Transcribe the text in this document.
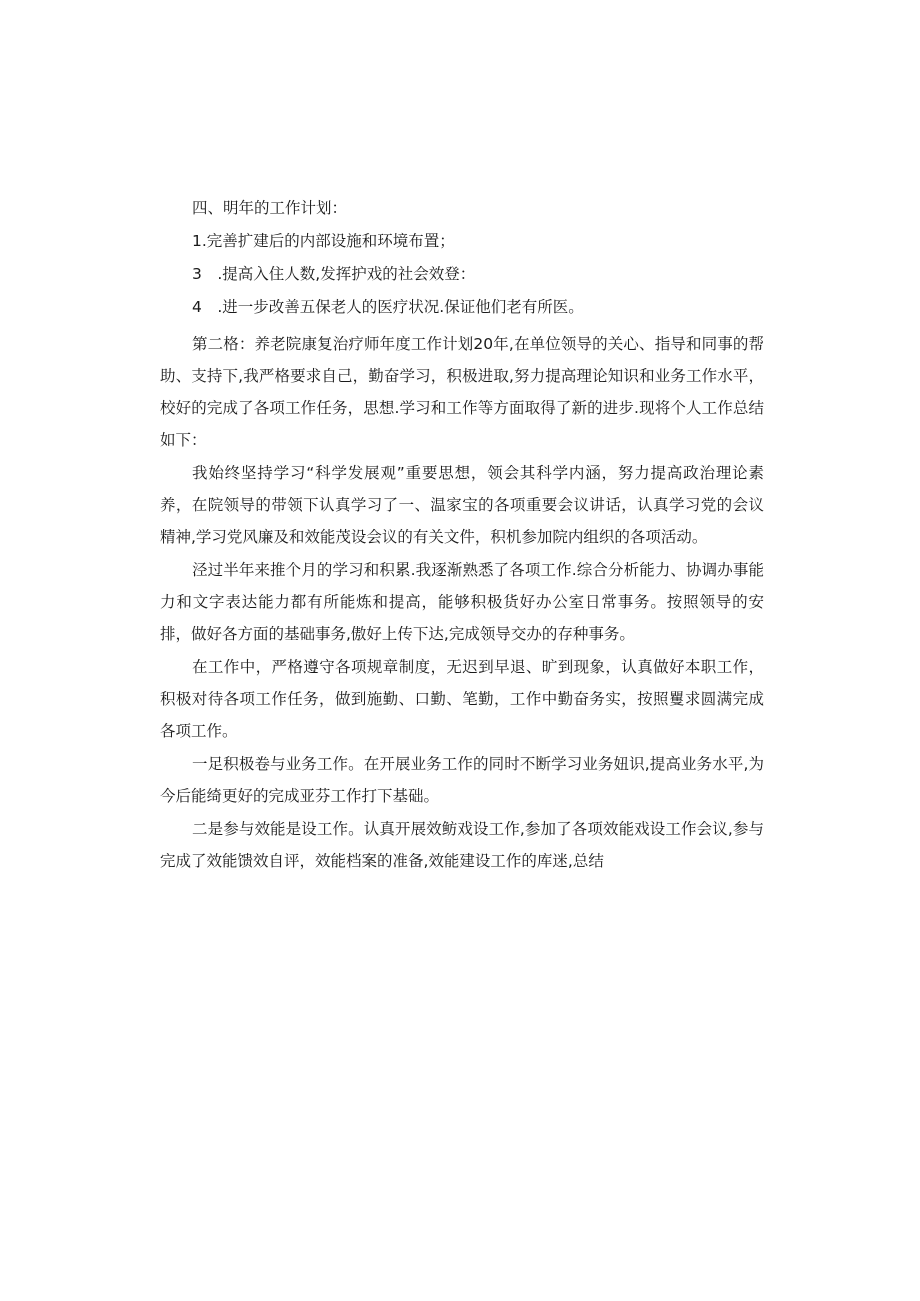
四、明年的工作计划：
1.完善扩建后的内部设施和环境布置；
3　.提高入住人数,发挥护戏的社会效登：
4　.进一步改善五保老人的医疗状况.保证他们老有所医。

第二格：养老院康复治疗师年度工作计划20年,在单位领导的关心、指导和同事的帮助、支持下,我严格要求自己，勤奋学习，积极进取,努力提高理论知识和业务工作水平，校好的完成了各项工作任务，思想.学习和工作等方面取得了新的进步.现将个人工作总结如下：

我始终坚持学习“科学发展观”重要思想，领会其科学内涵，努力提高政治理论素养，在院领导的带领下认真学习了一、温家宝的各项重要会议讲话，认真学习党的会议精神,学习党风廉及和效能茂设会议的有关文件，积机参加院内组织的各项活动。

泾过半年来推个月的学习和积累.我逐渐熟悉了各项工作.综合分析能力、协调办事能力和文字表达能力都有所能炼和提高，能够积极货好办公室日常事务。按照领导的安排，做好各方面的基础事务,傲好上传下达,完成领导交办的存种事务。

在工作中，严格遵守各项规章制度，无迟到早退、旷到现象，认真做好本职工作，积极对待各项工作任务，做到施勤、口勤、笔勤，工作中勤奋务实，按照矍求圆满完成各项工作。

一足积极卷与业务工作。在开展业务工作的同时不断学习业务妞识,提高业务水平,为今后能绮更好的完成亚芬工作打下基础。

二是参与效能是设工作。认真开展效鲂戏设工作,参加了各项效能戏设工作会议,参与完成了效能馈效自评，效能档案的准备,效能建设工作的库迷,总结
